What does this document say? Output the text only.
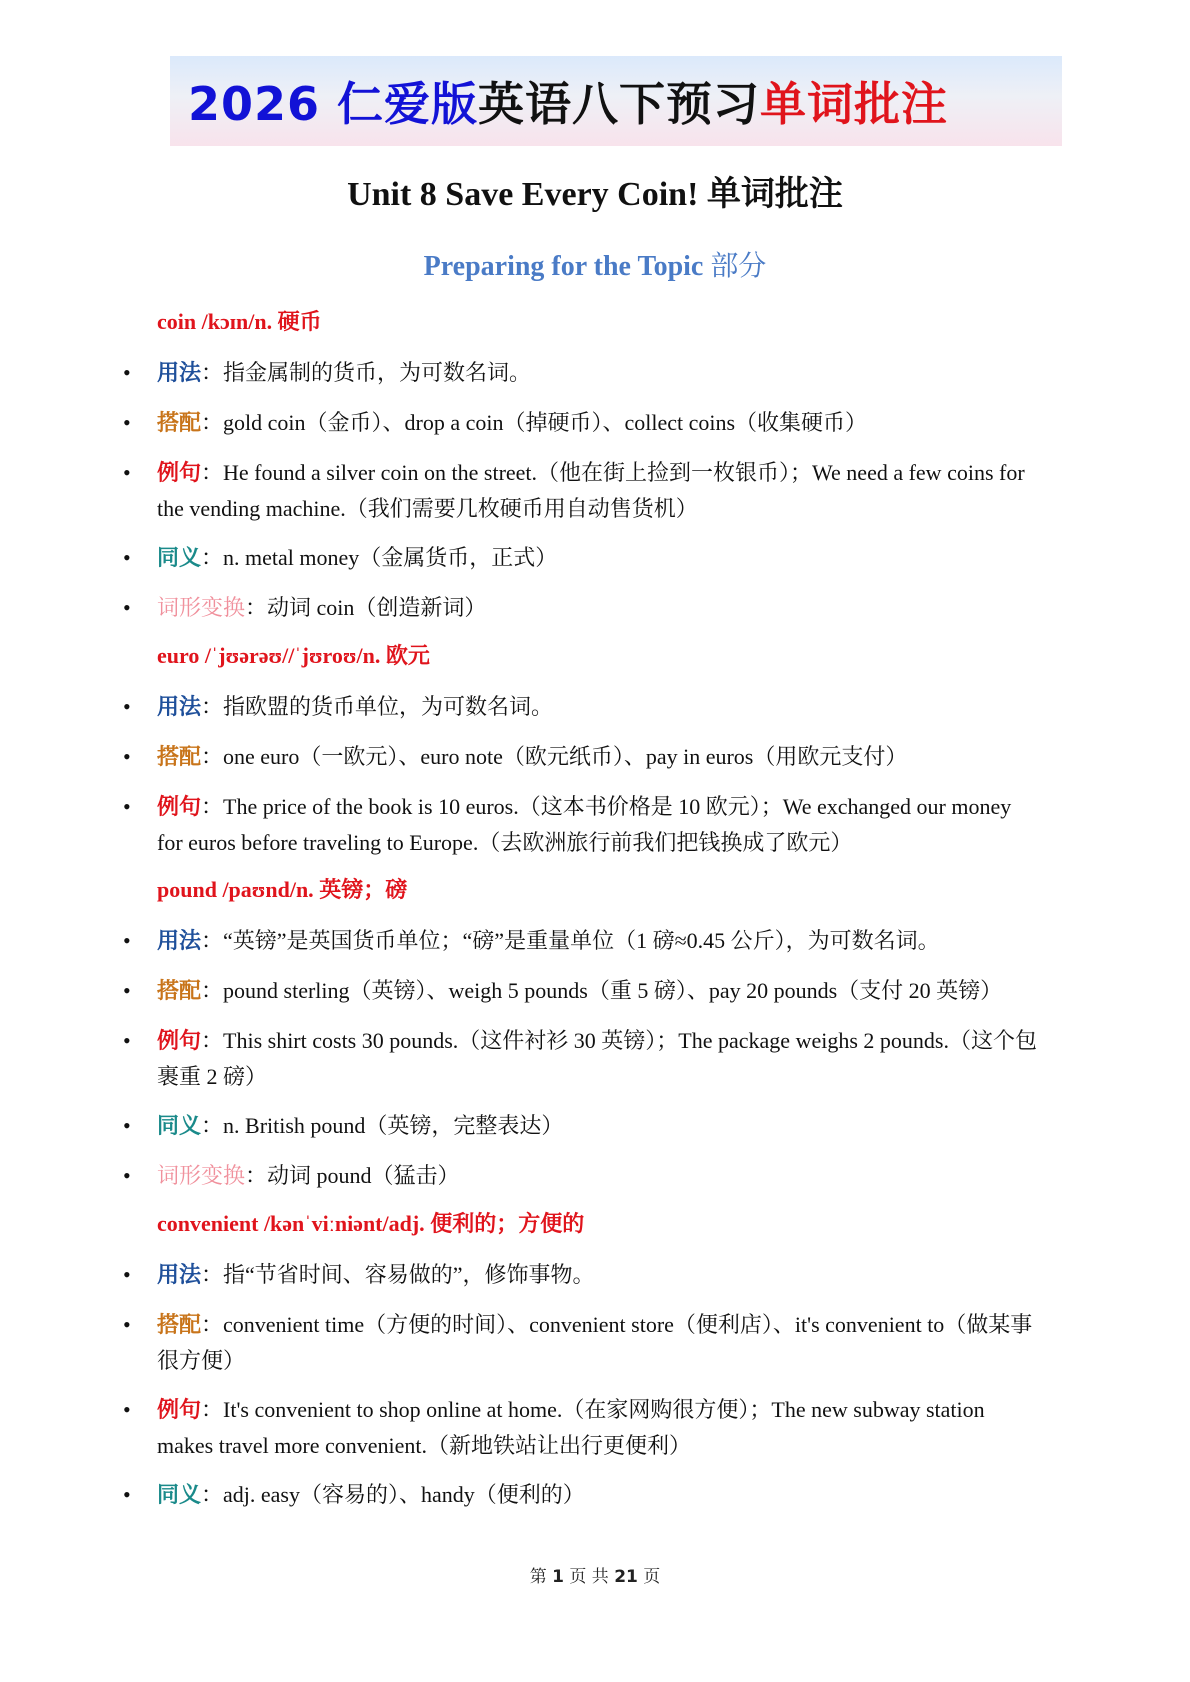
2026 仁爱版 英语八下预习 单词批注
Unit 8 Save Every Coin! 单词批注
Preparing for the Topic 部分
coin /kɔɪn/n. 硬币
• 用法：指金属制的货币，为可数名词。
• 搭配：gold coin（金币）、drop a coin（掉硬币）、collect coins（收集硬币）
• 例句：He found a silver coin on the street.（他在街上捡到一枚银币）；We need a few coins for the vending machine.（我们需要几枚硬币用自动售货机）
• 同义：n. metal money（金属货币，正式）
• 词形变换：动词 coin（创造新词）
euro /ˈjʊərəʊ//ˈjʊroʊ/n. 欧元
• 用法：指欧盟的货币单位，为可数名词。
• 搭配：one euro（一欧元）、euro note（欧元纸币）、pay in euros（用欧元支付）
• 例句：The price of the book is 10 euros.（这本书价格是 10 欧元）；We exchanged our money for euros before traveling to Europe.（去欧洲旅行前我们把钱换成了欧元）
pound /paʊnd/n. 英镑；磅
• 用法：“英镑”是英国货币单位；“磅”是重量单位（1 磅≈0.45 公斤），为可数名词。
• 搭配：pound sterling（英镑）、weigh 5 pounds（重 5 磅）、pay 20 pounds（支付 20 英镑）
• 例句：This shirt costs 30 pounds.（这件衬衫 30 英镑）；The package weighs 2 pounds.（这个包裹重 2 磅）
• 同义：n. British pound（英镑，完整表达）
• 词形变换：动词 pound（猛击）
convenient /kənˈviːniənt/adj. 便利的；方便的
• 用法：指“节省时间、容易做的”，修饰事物。
• 搭配：convenient time（方便的时间）、convenient store（便利店）、it's convenient to（做某事很方便）
• 例句：It's convenient to shop online at home.（在家网购很方便）；The new subway station makes travel more convenient.（新地铁站让出行更便利）
• 同义：adj. easy（容易的）、handy（便利的）
第 1 页 共 21 页
